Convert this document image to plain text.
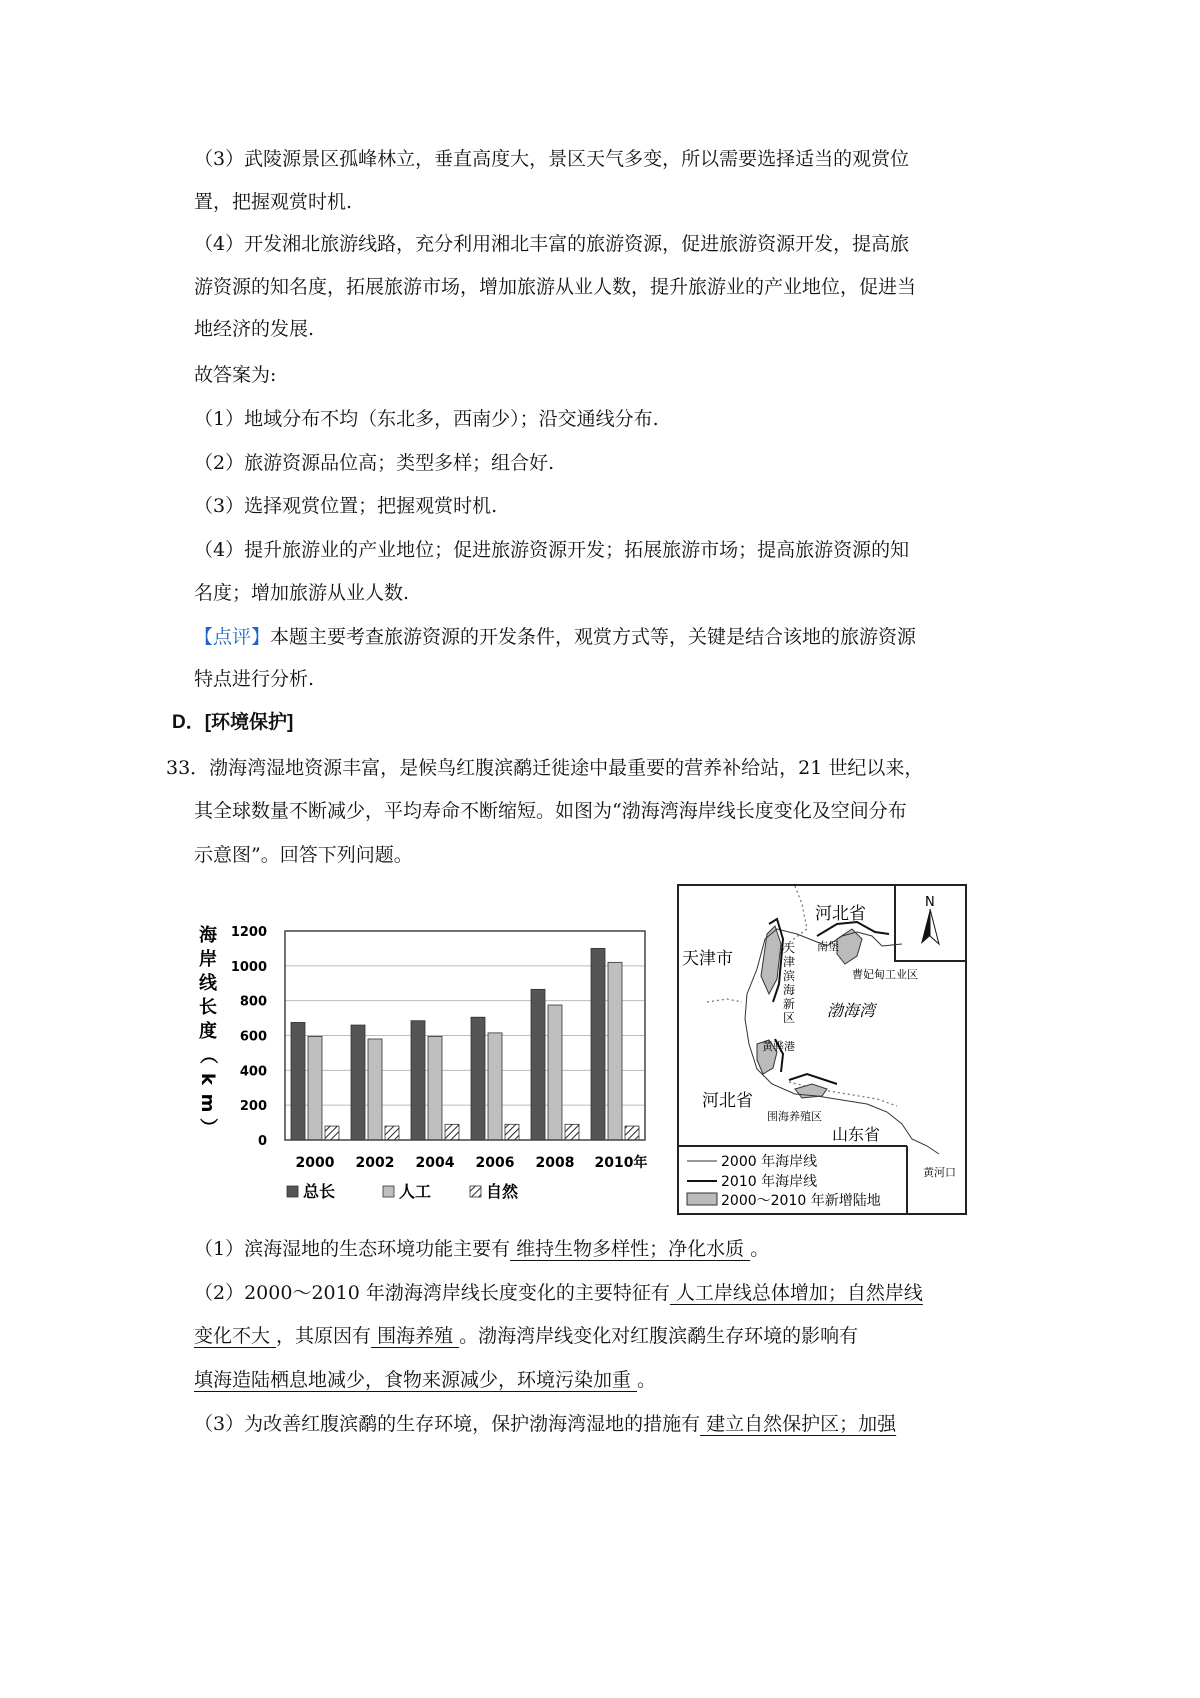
（3）武陵源景区孤峰林立，垂直高度大，景区天气多变，所以需要选择适当的观赏位
置，把握观赏时机.
（4）开发湘北旅游线路，充分利用湘北丰富的旅游资源，促进旅游资源开发，提高旅
游资源的知名度，拓展旅游市场，增加旅游从业人数，提升旅游业的产业地位，促进当
地经济的发展.
故答案为:
（1）地域分布不均（东北多，西南少）；沿交通线分布.
（2）旅游资源品位高；类型多样；组合好.
（3）选择观赏位置；把握观赏时机.
（4）提升旅游业的产业地位；促进旅游资源开发；拓展旅游市场；提高旅游资源的知
名度；增加旅游从业人数.
【点评】本题主要考查旅游资源的开发条件，观赏方式等，关键是结合该地的旅游资源
特点进行分析.
D．[环境保护]
33．渤海湾湿地资源丰富，是候鸟红腹滨鹬迁徙途中最重要的营养补给站，21 世纪以来，
其全球数量不断减少，平均寿命不断缩短。如图为“渤海湾海岸线长度变化及空间分布
示意图”。回答下列问题。
海
岸
线
长
度
（
k
m
）
0
200
400
600
800
1000
1200
2000 2002 2004 2006 2008 2010年
总长	人工	自然
N
河北省
南堡
曹妃甸工业区
天津市
天
津
滨
海
新
区 渤海湾
黄骅港
河北省
围海养殖区
山东省
2000 年海岸线
2010 年海岸线
2000～2010 年新增陆地
黄河口
（1）滨海湿地的生态环境功能主要有 维持生物多样性；净化水质 。
（2）2000～2010 年渤海湾岸线长度变化的主要特征有 人工岸线总体增加；自然岸线
变化不大 ，其原因有 围海养殖 。渤海湾岸线变化对红腹滨鹬生存环境的影响有
填海造陆栖息地减少，食物来源减少，环境污染加重 。
（3）为改善红腹滨鹬的生存环境，保护渤海湾湿地的措施有 建立自然保护区；加强
